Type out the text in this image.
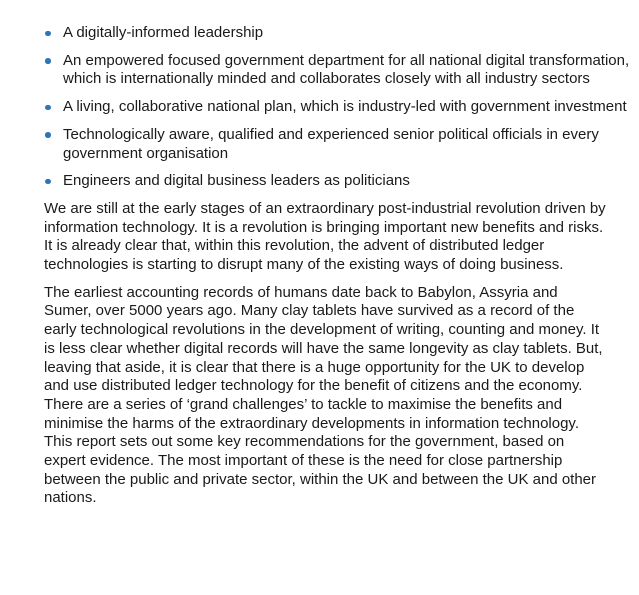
A digitally-informed leadership
An empowered focused government department for all national digital transformation, which is internationally minded and collaborates closely with all industry sectors
A living, collaborative national plan, which is industry-led with government investment
Technologically aware, qualified and experienced senior political officials in every government organisation
Engineers and digital business leaders as politicians

We are still at the early stages of an extraordinary post-industrial revolution driven by information technology. It is a revolution is bringing important new benefits and risks. It is already clear that, within this revolution, the advent of distributed ledger technologies is starting to disrupt many of the existing ways of doing business.

The earliest accounting records of humans date back to Babylon, Assyria and Sumer, over 5000 years ago. Many clay tablets have survived as a record of the early technological revolutions in the development of writing, counting and money. It is less clear whether digital records will have the same longevity as clay tablets. But, leaving that aside, it is clear that there is a huge opportunity for the UK to develop and use distributed ledger technology for the benefit of citizens and the economy. There are a series of ‘grand challenges’ to tackle to maximise the benefits and minimise the harms of the extraordinary developments in information technology. This report sets out some key recommendations for the government, based on expert evidence. The most important of these is the need for close partnership between the public and private sector, within the UK and between the UK and other nations.
